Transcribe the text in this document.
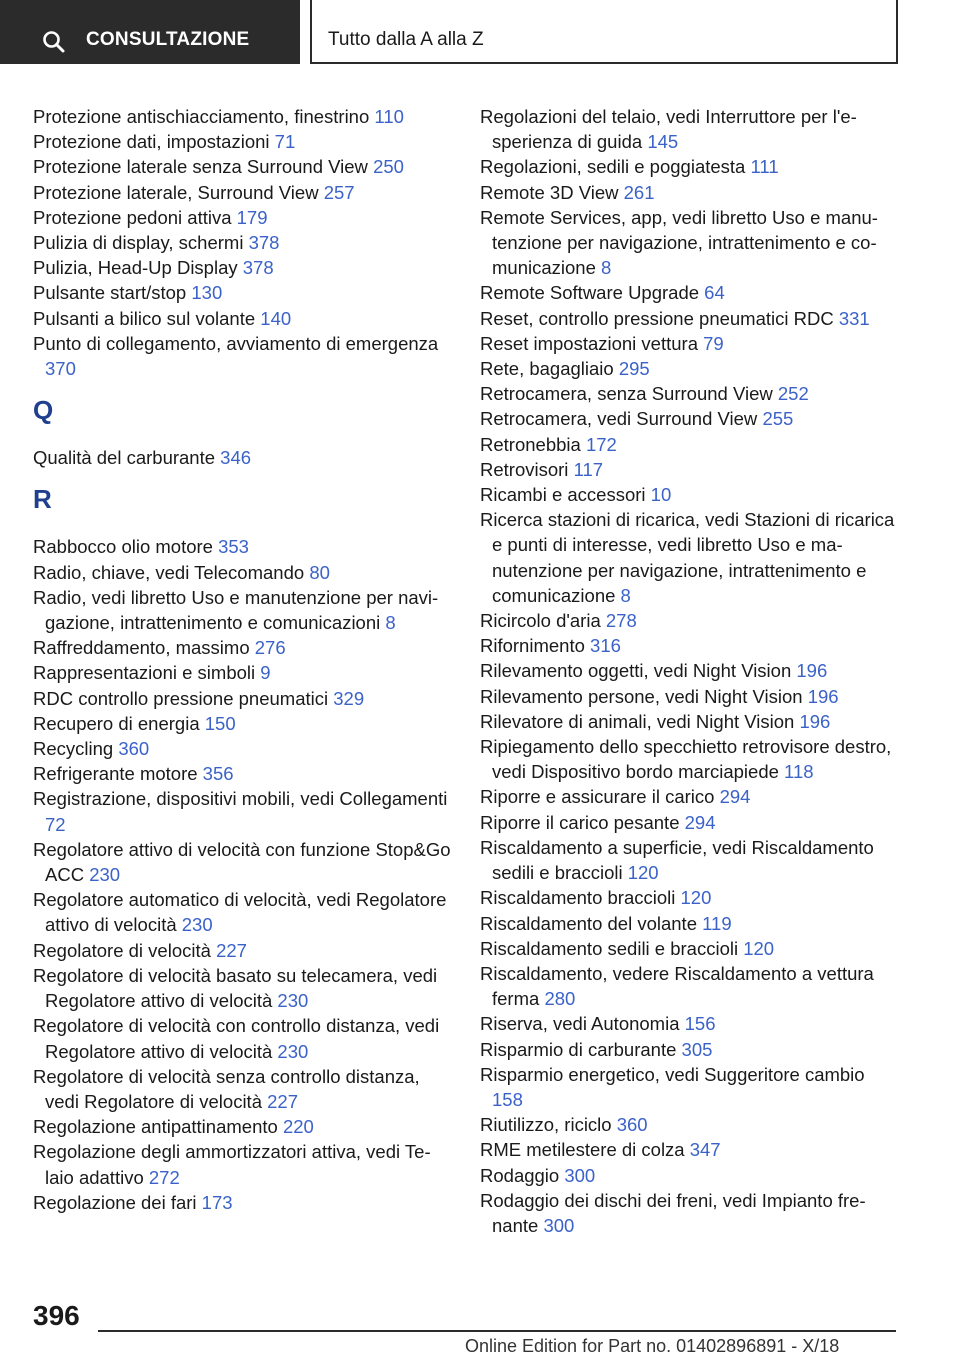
CONSULTAZIONE	Tutto dalla A alla Z
Protezione antischiacciamento, finestrino 110
Protezione dati, impostazioni 71
Protezione laterale senza Surround View 250
Protezione laterale, Surround View 257
Protezione pedoni attiva 179
Pulizia di display, schermi 378
Pulizia, Head-Up Display 378
Pulsante start/stop 130
Pulsanti a bilico sul volante 140
Punto di collegamento, avviamento di emergenza 370
Q
Qualità del carburante 346
R
Rabbocco olio motore 353
Radio, chiave, vedi Telecomando 80
Radio, vedi libretto Uso e manutenzione per navigazione, intrattenimento e comunicazioni 8
Raffreddamento, massimo 276
Rappresentazioni e simboli 9
RDC controllo pressione pneumatici 329
Recupero di energia 150
Recycling 360
Refrigerante motore 356
Registrazione, dispositivi mobili, vedi Collegamenti 72
Regolatore attivo di velocità con funzione Stop&Go ACC 230
Regolatore automatico di velocità, vedi Regolatore attivo di velocità 230
Regolatore di velocità 227
Regolatore di velocità basato su telecamera, vedi Regolatore attivo di velocità 230
Regolatore di velocità con controllo distanza, vedi Regolatore attivo di velocità 230
Regolatore di velocità senza controllo distanza, vedi Regolatore di velocità 227
Regolazione antipattinamento 220
Regolazione degli ammortizzatori attiva, vedi Telaio adattivo 272
Regolazione dei fari 173
Regolazioni del telaio, vedi Interruttore per l'esperienza di guida 145
Regolazioni, sedili e poggiatesta 111
Remote 3D View 261
Remote Services, app, vedi libretto Uso e manutenzione per navigazione, intrattenimento e comunicazione 8
Remote Software Upgrade 64
Reset, controllo pressione pneumatici RDC 331
Reset impostazioni vettura 79
Rete, bagagliaio 295
Retrocamera, senza Surround View 252
Retrocamera, vedi Surround View 255
Retronebbia 172
Retrovisori 117
Ricambi e accessori 10
Ricerca stazioni di ricarica, vedi Stazioni di ricarica e punti di interesse, vedi libretto Uso e manutenzione per navigazione, intrattenimento e comunicazione 8
Ricircolo d'aria 278
Rifornimento 316
Rilevamento oggetti, vedi Night Vision 196
Rilevamento persone, vedi Night Vision 196
Rilevatore di animali, vedi Night Vision 196
Ripiegamento dello specchietto retrovisore destro, vedi Dispositivo bordo marciapiede 118
Riporre e assicurare il carico 294
Riporre il carico pesante 294
Riscaldamento a superficie, vedi Riscaldamento sedili e braccioli 120
Riscaldamento braccioli 120
Riscaldamento del volante 119
Riscaldamento sedili e braccioli 120
Riscaldamento, vedere Riscaldamento a vettura ferma 280
Riserva, vedi Autonomia 156
Risparmio di carburante 305
Risparmio energetico, vedi Suggeritore cambio 158
Riutilizzo, riciclo 360
RME metilestere di colza 347
Rodaggio 300
Rodaggio dei dischi dei freni, vedi Impianto frenante 300
396
Online Edition for Part no. 01402896891 - X/18
